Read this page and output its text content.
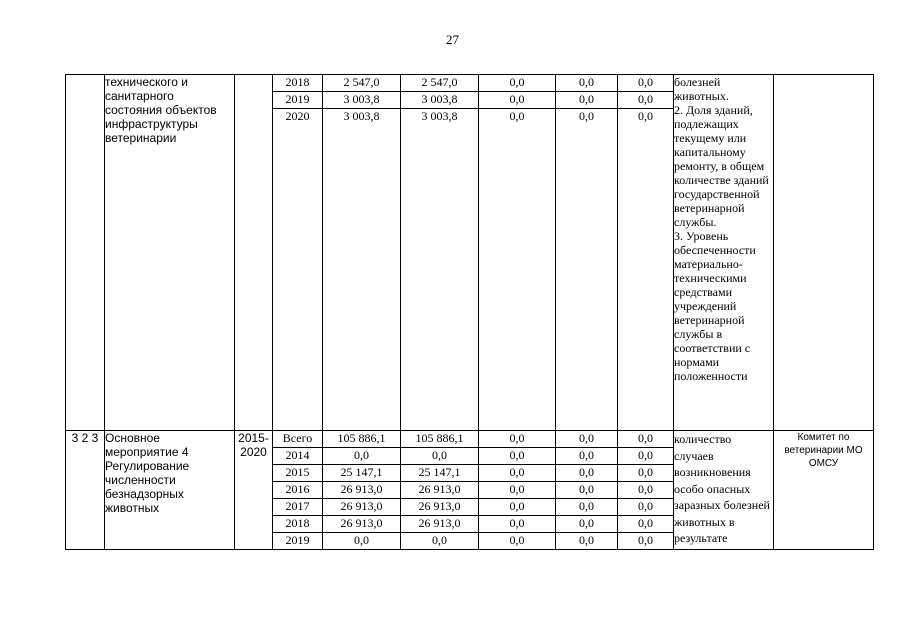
27
	технического и санитарного состояния объектов инфраструктуры ветеринарии		2018	2 547,0	2 547,0	0,0	0,0	0,0	болезней животных.
2. Доля зданий, подлежащих текущему или капитальному ремонту, в общем количестве зданий государственной ветеринарной службы.
3. Уровень обеспеченности материально-техническими средствами учреждений ветеринарной службы в соответствии с нормами положенности	

			2019	3 003,8	3 003,8	0,0	0,0	0,0		
			2020	3 003,8	3 003,8	0,0	0,0	0,0		
3 2 3	Основное мероприятие 4 Регулирование численности безнадзорных животных	2015-2020	Всего	105 886,1	105 886,1	0,0	0,0	0,0	количество случаев возникновения особо опасных заразных болезней животных в результате	Комитет по ветеринарии МО ОМСУ
			2014	0,0	0,0	0,0	0,0	0,0		
			2015	25 147,1	25 147,1	0,0	0,0	0,0		
			2016	26 913,0	26 913,0	0,0	0,0	0,0		
			2017	26 913,0	26 913,0	0,0	0,0	0,0		
			2018	26 913,0	26 913,0	0,0	0,0	0,0		
			2019	0,0	0,0	0,0	0,0	0,0		
